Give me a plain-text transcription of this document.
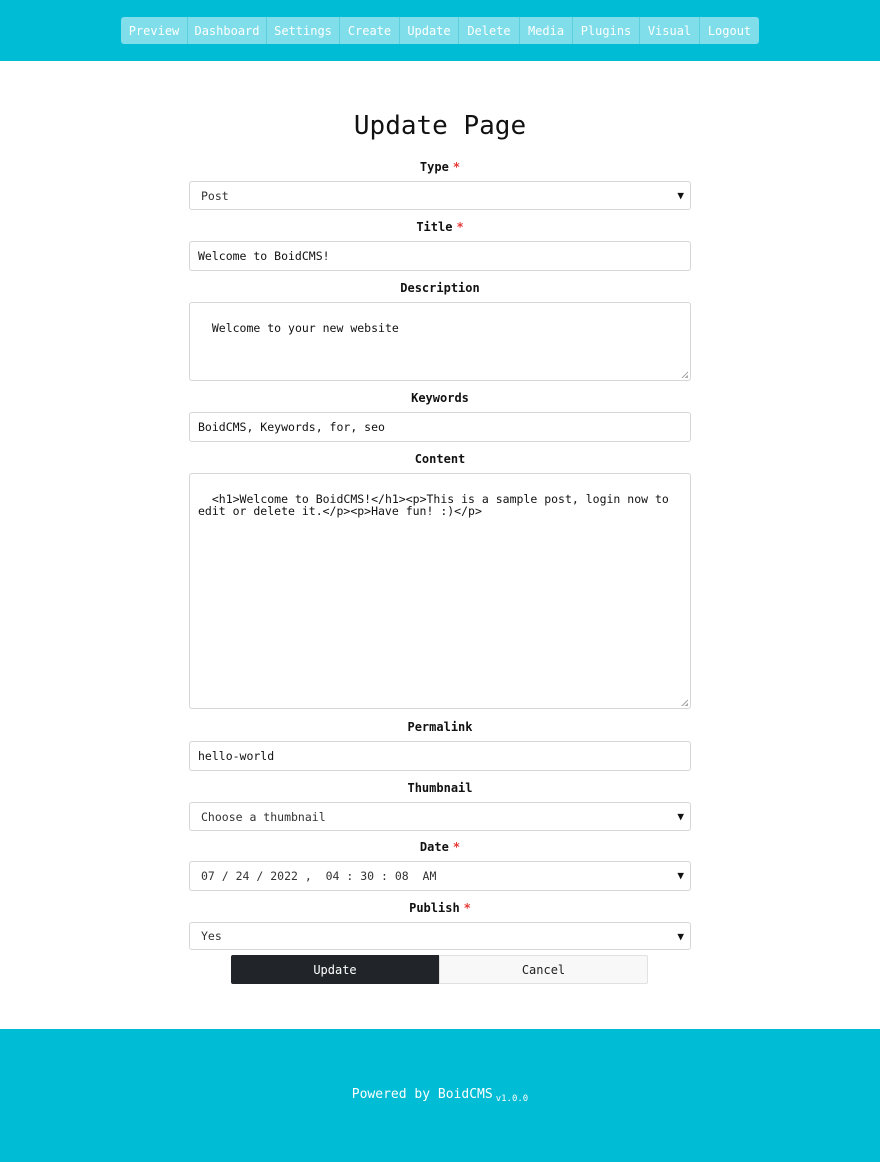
Preview	Dashboard	Settings	Create	Update	Delete	Media	Plugins	Visual	Logout
Update Page
Type *
Post	▼
Title *
Welcome to BoidCMS!
Description

Welcome to your new website

Keywords
BoidCMS, Keywords, for, seo
Content

<h1>Welcome to BoidCMS!</h1><p>This is a sample post, login now to edit or delete it.</p><p>Have fun! :)</p>

Permalink
hello-world
Thumbnail
Choose a thumbnail	▼
Date *
07 / 24 / 2022 ,  04 : 30 : 08  AM	▼
Publish *
Yes	▼
Update	Cancel
Powered by BoidCMS $_{v1.0.0}$
